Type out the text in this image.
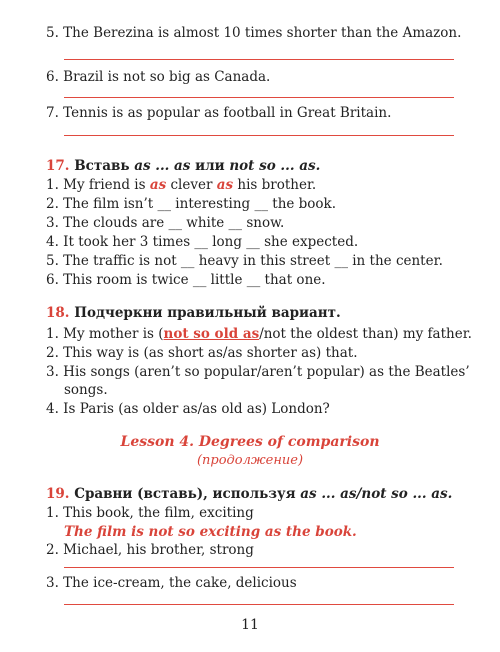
5. The Berezina is almost 10 times shorter than the Amazon.
6. Brazil is not so big as Canada.
7. Tennis is as popular as football in Great Britain.
17. Вставь as ... as или not so ... as.
1. My friend is as clever as his brother.
2. The film isn’t __ interesting __ the book.
3. The clouds are __ white __ snow.
4. It took her 3 times __ long __ she expected.
5. The traffic is not __ heavy in this street __ in the center.
6. This room is twice __ little __ that one.
18. Подчеркни правильный вариант.
1. My mother is (not so old as/not the oldest than) my father.
2. This way is (as short as/as shorter as) that.
3. His songs (aren’t so popular/aren’t popular) as the Beatles’
songs.
4. Is Paris (as older as/as old as) London?
Lesson 4. Degrees of comparison
(продолжение)
19. Сравни (вставь), используя as ... as/not so ... as.
1. This book, the film, exciting
The film is not so exciting as the book.
2. Michael, his brother, strong
3. The ice-cream, the cake, delicious
11
